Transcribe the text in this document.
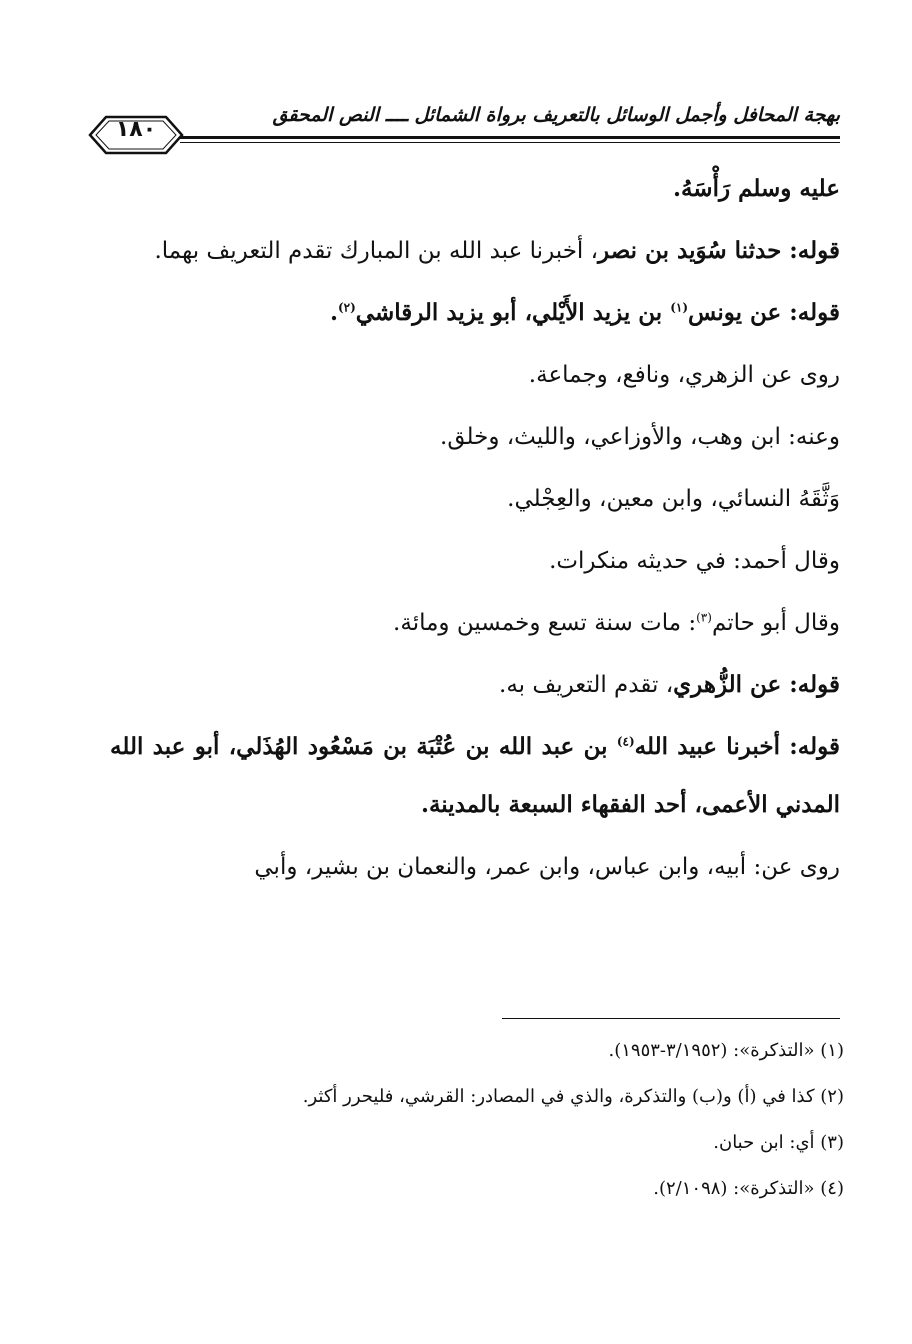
بهجة المحافل وأجمل الوسائل بالتعريف برواة الشمائل ــــ النص المحقق
١٨٠

عليه وسلم رَأْسَهُ.

قوله: حدثنا سُوَيد بن نصر، أخبرنا عبد الله بن المبارك تقدم التعريف بهما.

قوله: عن يونس$^{(١)}$ بن يزيد الأَيْلي، أبو يزيد الرقاشي$^{(٢)}$.

روى عن الزهري، ونافع، وجماعة.

وعنه: ابن وهب، والأوزاعي، والليث، وخلق.

وَثَّقَهُ النسائي، وابن معين، والعِجْلي.

وقال أحمد: في حديثه منكرات.

وقال أبو حاتم$^{(٣)}$: مات سنة تسع وخمسين ومائة.

قوله: عن الزُّهري، تقدم التعريف به.

قوله: أخبرنا عبيد الله$^{(٤)}$ بن عبد الله بن عُتْبَة بن مَسْعُود الهُذَلي، أبو عبد الله المدني الأعمى، أحد الفقهاء السبعة بالمدينة.

روى عن: أبيه، وابن عباس، وابن عمر، والنعمان بن بشير، وأبي

(١) «التذكرة»: (٣/١٩٥٢-١٩٥٣).

(٢) كذا في (أ) و(ب) والتذكرة، والذي في المصادر: القرشي، فليحرر أكثر.

(٣) أي: ابن حبان.

(٤) «التذكرة»: (٢/١٠٩٨).
